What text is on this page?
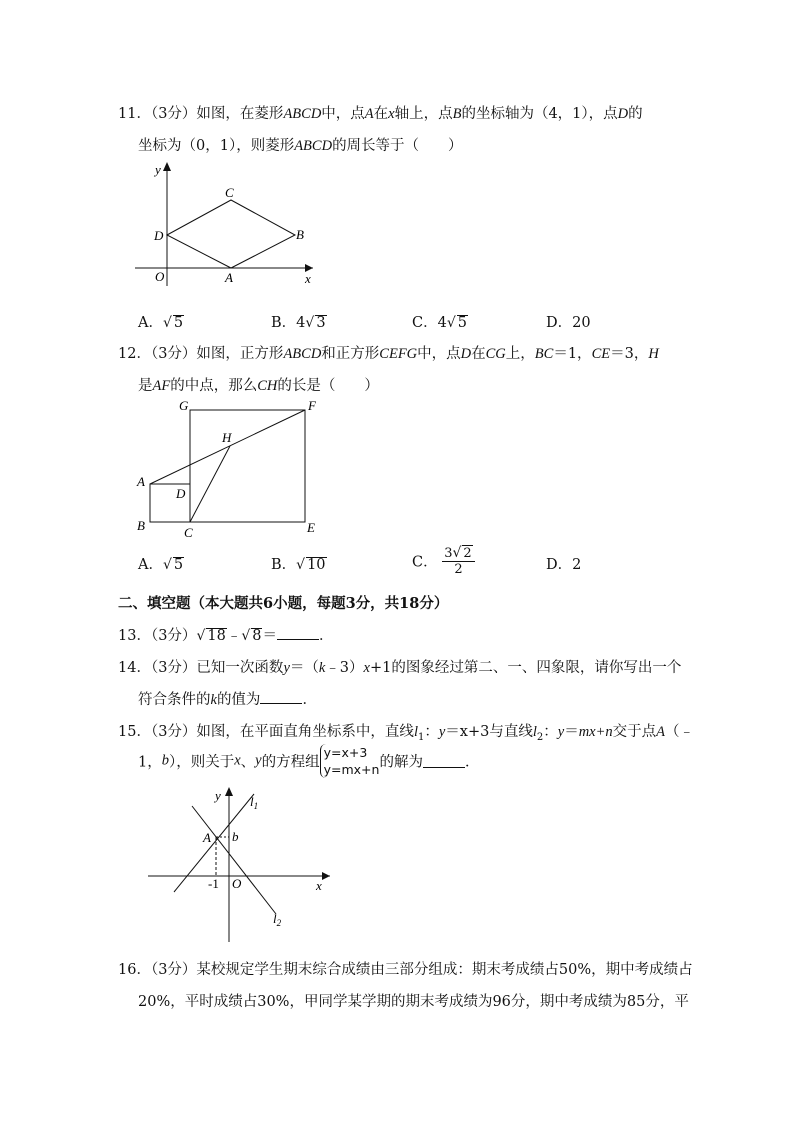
11．（3分）如图，在菱形ABCD中，点A在x轴上，点B的坐标轴为（4，1），点D的
坐标为（0，1），则菱形ABCD的周长等于（　　）
y
x
O	A
B
C
D
A．√ 5	B．4√ 3	C．4√ 5	D．20
12．（3分）如图，正方形ABCD和正方形CEFG中，点D在CG上，BC＝1，CE＝3，H
是AF的中点，那么CH的长是（　　）
G	F
H
A
D
B	C	E
A．√ 5	B．√ 10	C． $\frac{3√ 2}{2}$	D．2
二、填空题（本大题共6小题，每题3分，共18分）
13．（3分）√ 18﹣√ 8＝	．
14．（3分）已知一次函数y＝（k﹣3）x+1的图象经过第二、一、四象限，请你写出一个
符合条件的k的值为	．
15．（3分）如图，在平面直角坐标系中，直线$l_1$：y＝x+3与直线$l_2$：y＝mx+n交于点A（﹣
1，b），则关于x、y的方程组y=x+3
y=mx+n的解为	．
y
x
O
A b
-1
$l_1$
$l_2$
16．（3分）某校规定学生期末综合成绩由三部分组成：期末考成绩占50%，期中考成绩占
20%，平时成绩占30%，甲同学某学期的期末考成绩为96分，期中考成绩为85分，平
